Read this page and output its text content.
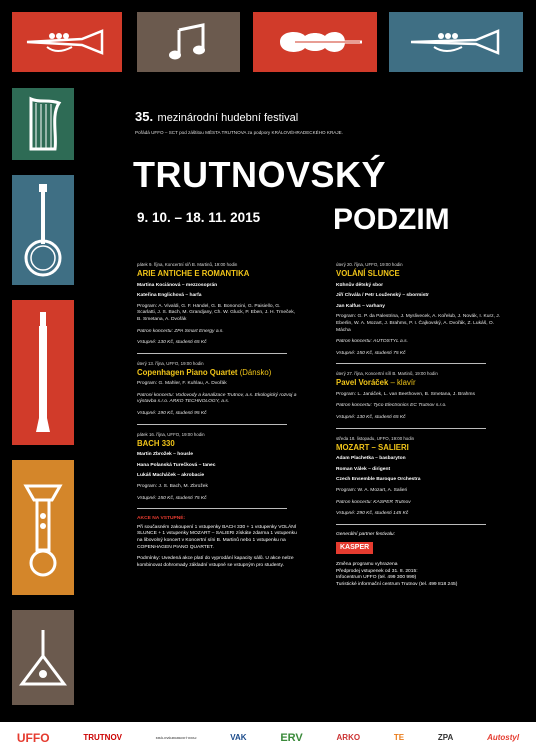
35. mezinárodní hudební festival
Pořádá UFFO – SCT pod záštitou MĚSTA TRUTNOVA za podpory KRÁLOVÉHRADECKÉHO KRAJE.
TRUTNOVSKÝ
9. 10. – 18. 11. 2015 PODZIM
pátek 9. října, Koncertní síň B. Martinů, 19:00 hodin
ARIE ANTICHE E ROMANTIKA
Martina Kociánová – mezzosoprán
Kateřina Englichová – harfa
Program: A. Vivaldi, G. F. Händel, G. B. Bononcini, G. Paisiello, G. Scarlatti, J. S. Bach, M. Grandjany, Ch. W. Gluck, P. Eben, J. H. Trneček, B. Smetana, A. Dvořák
Patron koncertu: ZPA Smart Energy a.s.
Vstupné: 130 Kč, studenti 65 Kč
úterý 13. října, UFFO, 19:00 hodin
Copenhagen Piano Quartet (Dánsko)
Program: G. Mahler, F. Kuhlau, A. Dvořák
Patroni koncertu: Vodovody a kanalizace Trutnov, a.s. Ekologický rozvoj a výstavba s.r.o. ARKO TECHNOLOGY, a.s.
Vstupné: 190 Kč, studenti 95 Kč
pátek 16. října, UFFO, 19:00 hodin
BACH 330
Martin Zbrožek – housle
Hana Polanská Turečková – tanec
Lukáš Macháček – akrobacie
Program: J. S. Bach, M. Zbrožek
Vstupné: 150 Kč, studenti 75 Kč
AKCE NA VSTUPNÉ:
Při současném zakoupení 1 vstupenky BACH 330 + 1 vstupenky VOLÁNÍ SLUNCE + 1 vstupenky MOZART – SALIERI získáte zdarma 1 vstupenku na libovolný koncert v Koncertní síni B. Martinů nebo 1 vstupenku na COPENHAGEN PIANO QUARTET.
Podmínky: Uvedená akce platí do vyprodání kapacity sálů. U akce nelze kombinovat dohromady základní vstupné se vstupným pro studenty.
úterý 20. října, UFFO, 19:00 hodin
VOLÁNÍ SLUNCE
Kühnův dětský sbor
Jiří Chvála / Petr Louženský – sbormistr
Jan Kalfus – varhany
Program: G. P. da Palestrina, J. Myslivecek, A. Kořelub, J. Novák, I. Kurz, J. Eberlin, W. A. Mozart, J. Brahms, P. I. Čajkovský, A. Dvořák, Z. Lukáš, O. Mácha
Patron koncertu: AUTOSTYL a.s.
Vstupné: 150 Kč, studenti 75 Kč
úterý 27. října, Koncertní síň B. Martinů, 19:00 hodin
Pavel Voráček – klavír
Program: L. Janáček, L. van Beethoven, B. Smetana, J. Brahms
Patron koncertu: Tyco Electronics EC Trutnov s.r.o.
Vstupné: 130 Kč, studenti 65 Kč
středa 18. listopadu, UFFO, 19:00 hodin
MOZART – SALIERI
Adam Plachetka – basbaryton
Roman Válek – dirigent
Czech Ensemble Baroque Orchestra
Program: W. A. Mozart, A. Salieri
Patron koncertu: KASPER Trutnov
Vstupné: 290 Kč, studenti 145 Kč
Generální partner festivalu:
KASPER
Změna programu vyhrazena
Předprodej vstupenek od 31. 8. 2015:
Infocentrum UFFO (tel. 499 300 999)
Turistické informační centrum Trutnov (tel. 499 818 245)
UFFO	TRUTNOV	KRÁLOVÉHRADECKÝ KRAJ	VAK	ERV	ARKO	TE	ZPA	Autostyl
